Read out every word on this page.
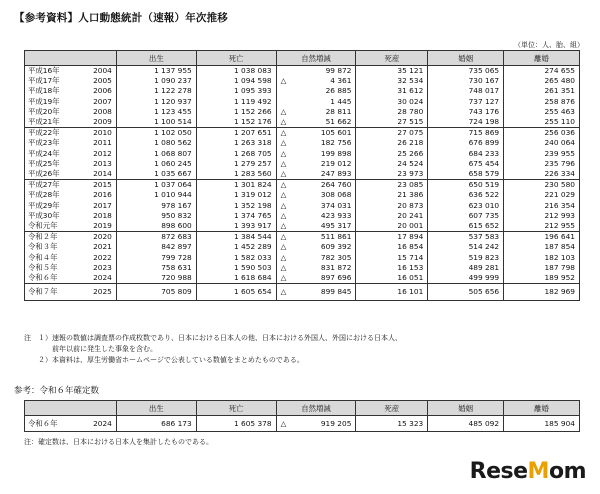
【参考資料】人口動態統計（速報）年次推移
（単位：人、胎、組）
		出生	死亡	自然増減	死産	婚姻	離婚
平成16年	2004	1 137 955	1 038 083	99 872	35 121	735 065	274 655
平成17年	2005	1 090 237	1 094 598	△ 4 361	32 534	730 167	265 480
平成18年	2006	1 122 278	1 095 393	26 885	31 612	748 017	261 351
平成19年	2007	1 120 937	1 119 492	1 445	30 024	737 127	258 876
平成20年	2008	1 123 455	1 152 266	△ 28 811	28 780	743 176	255 463
平成21年	2009	1 100 514	1 152 176	△ 51 662	27 515	724 198	255 110
平成22年	2010	1 102 050	1 207 651	△ 105 601	27 075	715 869	256 036
平成23年	2011	1 080 562	1 263 318	△ 182 756	26 218	676 899	240 064
平成24年	2012	1 068 807	1 268 705	△ 199 898	25 266	684 233	239 955
平成25年	2013	1 060 245	1 279 257	△ 219 012	24 524	675 454	235 796
平成26年	2014	1 035 667	1 283 560	△ 247 893	23 973	658 579	226 334
平成27年	2015	1 037 064	1 301 824	△ 264 760	23 085	650 519	230 580
平成28年	2016	1 010 944	1 319 012	△ 308 068	21 386	636 522	221 029
平成29年	2017	978 167	1 352 198	△ 374 031	20 873	623 010	216 354
平成30年	2018	950 832	1 374 765	△ 423 933	20 241	607 735	212 993
令和元年	2019	898 600	1 393 917	△ 495 317	20 001	615 652	212 955
令和２年	2020	872 683	1 384 544	△ 511 861	17 894	537 583	196 641
令和３年	2021	842 897	1 452 289	△ 609 392	16 854	514 242	187 854
令和４年	2022	799 728	1 582 033	△ 782 305	15 714	519 823	182 103
令和５年	2023	758 631	1 590 503	△ 831 872	16 153	489 281	187 798
令和６年	2024	720 988	1 618 684	△ 897 696	16 051	499 999	189 952
令和７年	2025	705 809	1 605 654	△ 899 845	16 101	505 656	182 969
注　１）速報の数値は調査票の作成枚数であり、日本における日本人の他、日本における外国人、外国における日本人、
　　　　前年以前に発生した事象を含む。
　　２）本資料は、厚生労働省ホームページで公表している数値をまとめたものである。
参考：令和６年確定数
		出生	死亡	自然増減	死産	婚姻	離婚
令和６年	2024	686 173	1 605 378	△ 919 205	15 323	485 092	185 904
注：確定数は、日本における日本人を集計したものである。
ReseMom
